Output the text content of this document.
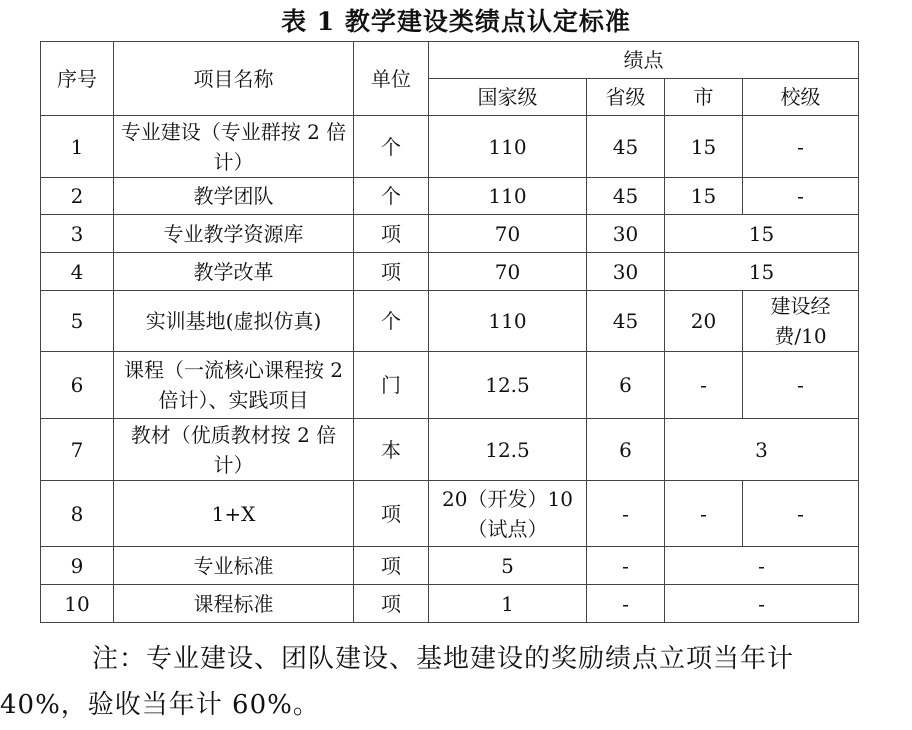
表 1 教学建设类绩点认定标准
序号	项目名称	单位	绩点			
			国家级	省级	市	校级
1	专业建设（专业群按 2 倍计）	个	110	45	15	-
2	教学团队	个	110	45	15	-
3	专业教学资源库	项	70	30	15	
4	教学改革	项	70	30	15	
5	实训基地(虚拟仿真)	个	110	45	20	建设经费/10
6	课程（一流核心课程按 2 倍计）、实践项目	门	12.5	6	-	-
7	教材（优质教材按 2 倍计）	本	12.5	6	3	
8	1+X	项	20（开发）10（试点）	-	-	-
9	专业标准	项	5	-	-	
10	课程标准	项	1	-	-	
注：专业建设、团队建设、基地建设的奖励绩点立项当年计
40%，验收当年计 60%。
